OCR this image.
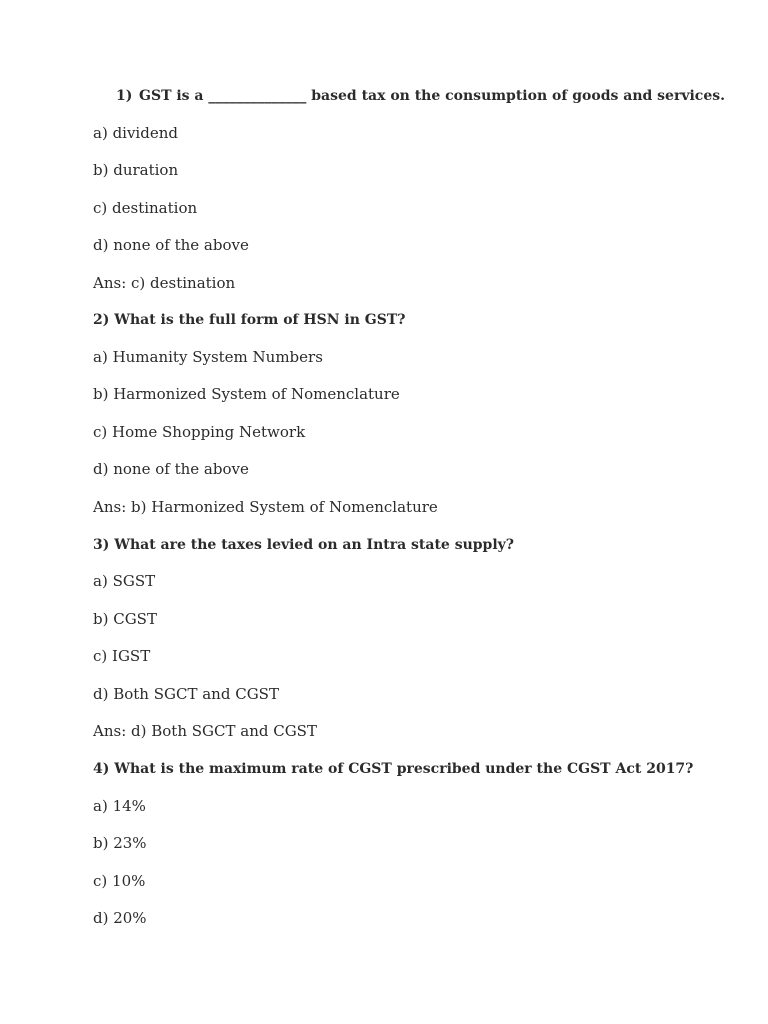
1) GST is a ______________ based tax on the consumption of goods and services.
a) dividend
b) duration
c) destination
d) none of the above
Ans: c) destination
2) What is the full form of HSN in GST?
a) Humanity System Numbers
b) Harmonized System of Nomenclature
c) Home Shopping Network
d) none of the above
Ans: b) Harmonized System of Nomenclature
3) What are the taxes levied on an Intra state supply?
a) SGST
b) CGST
c) IGST
d) Both SGCT and CGST
Ans: d) Both SGCT and CGST
4) What is the maximum rate of CGST prescribed under the CGST Act 2017?
a) 14%
b) 23%
c) 10%
d) 20%
